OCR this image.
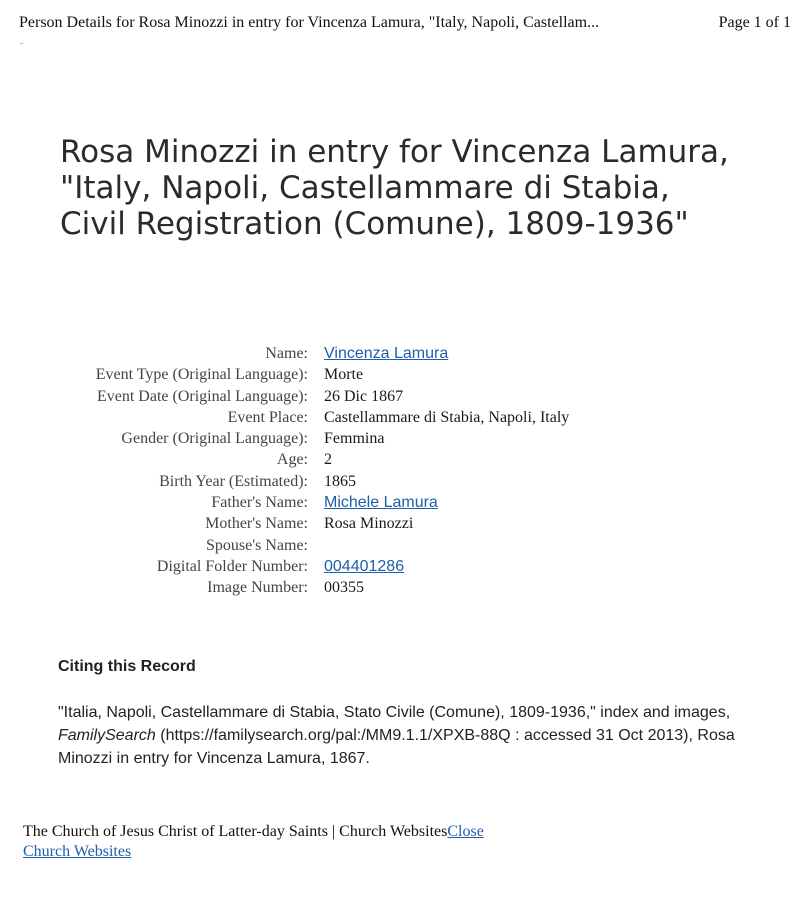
Person Details for Rosa Minozzi in entry for Vincenza Lamura, "Italy, Napoli, Castellam...	Page 1 of 1
-
Rosa Minozzi in entry for Vincenza Lamura, "Italy, Napoli, Castellammare di Stabia, Civil Registration (Comune), 1809-1936"
Name: Vincenza Lamura
Event Type (Original Language): Morte
Event Date (Original Language): 26 Dic 1867
Event Place: Castellammare di Stabia, Napoli, Italy
Gender (Original Language): Femmina
Age: 2
Birth Year (Estimated): 1865
Father's Name: Michele Lamura
Mother's Name: Rosa Minozzi
Spouse's Name:
Digital Folder Number: 004401286
Image Number: 00355
Citing this Record

"Italia, Napoli, Castellammare di Stabia, Stato Civile (Comune), 1809-1936," index and images, FamilySearch (https://familysearch.org/pal:/MM9.1.1/XPXB-88Q : accessed 31 Oct 2013), Rosa Minozzi in entry for Vincenza Lamura, 1867.

The Church of Jesus Christ of Latter-day Saints | Church WebsitesClose
Church Websites
